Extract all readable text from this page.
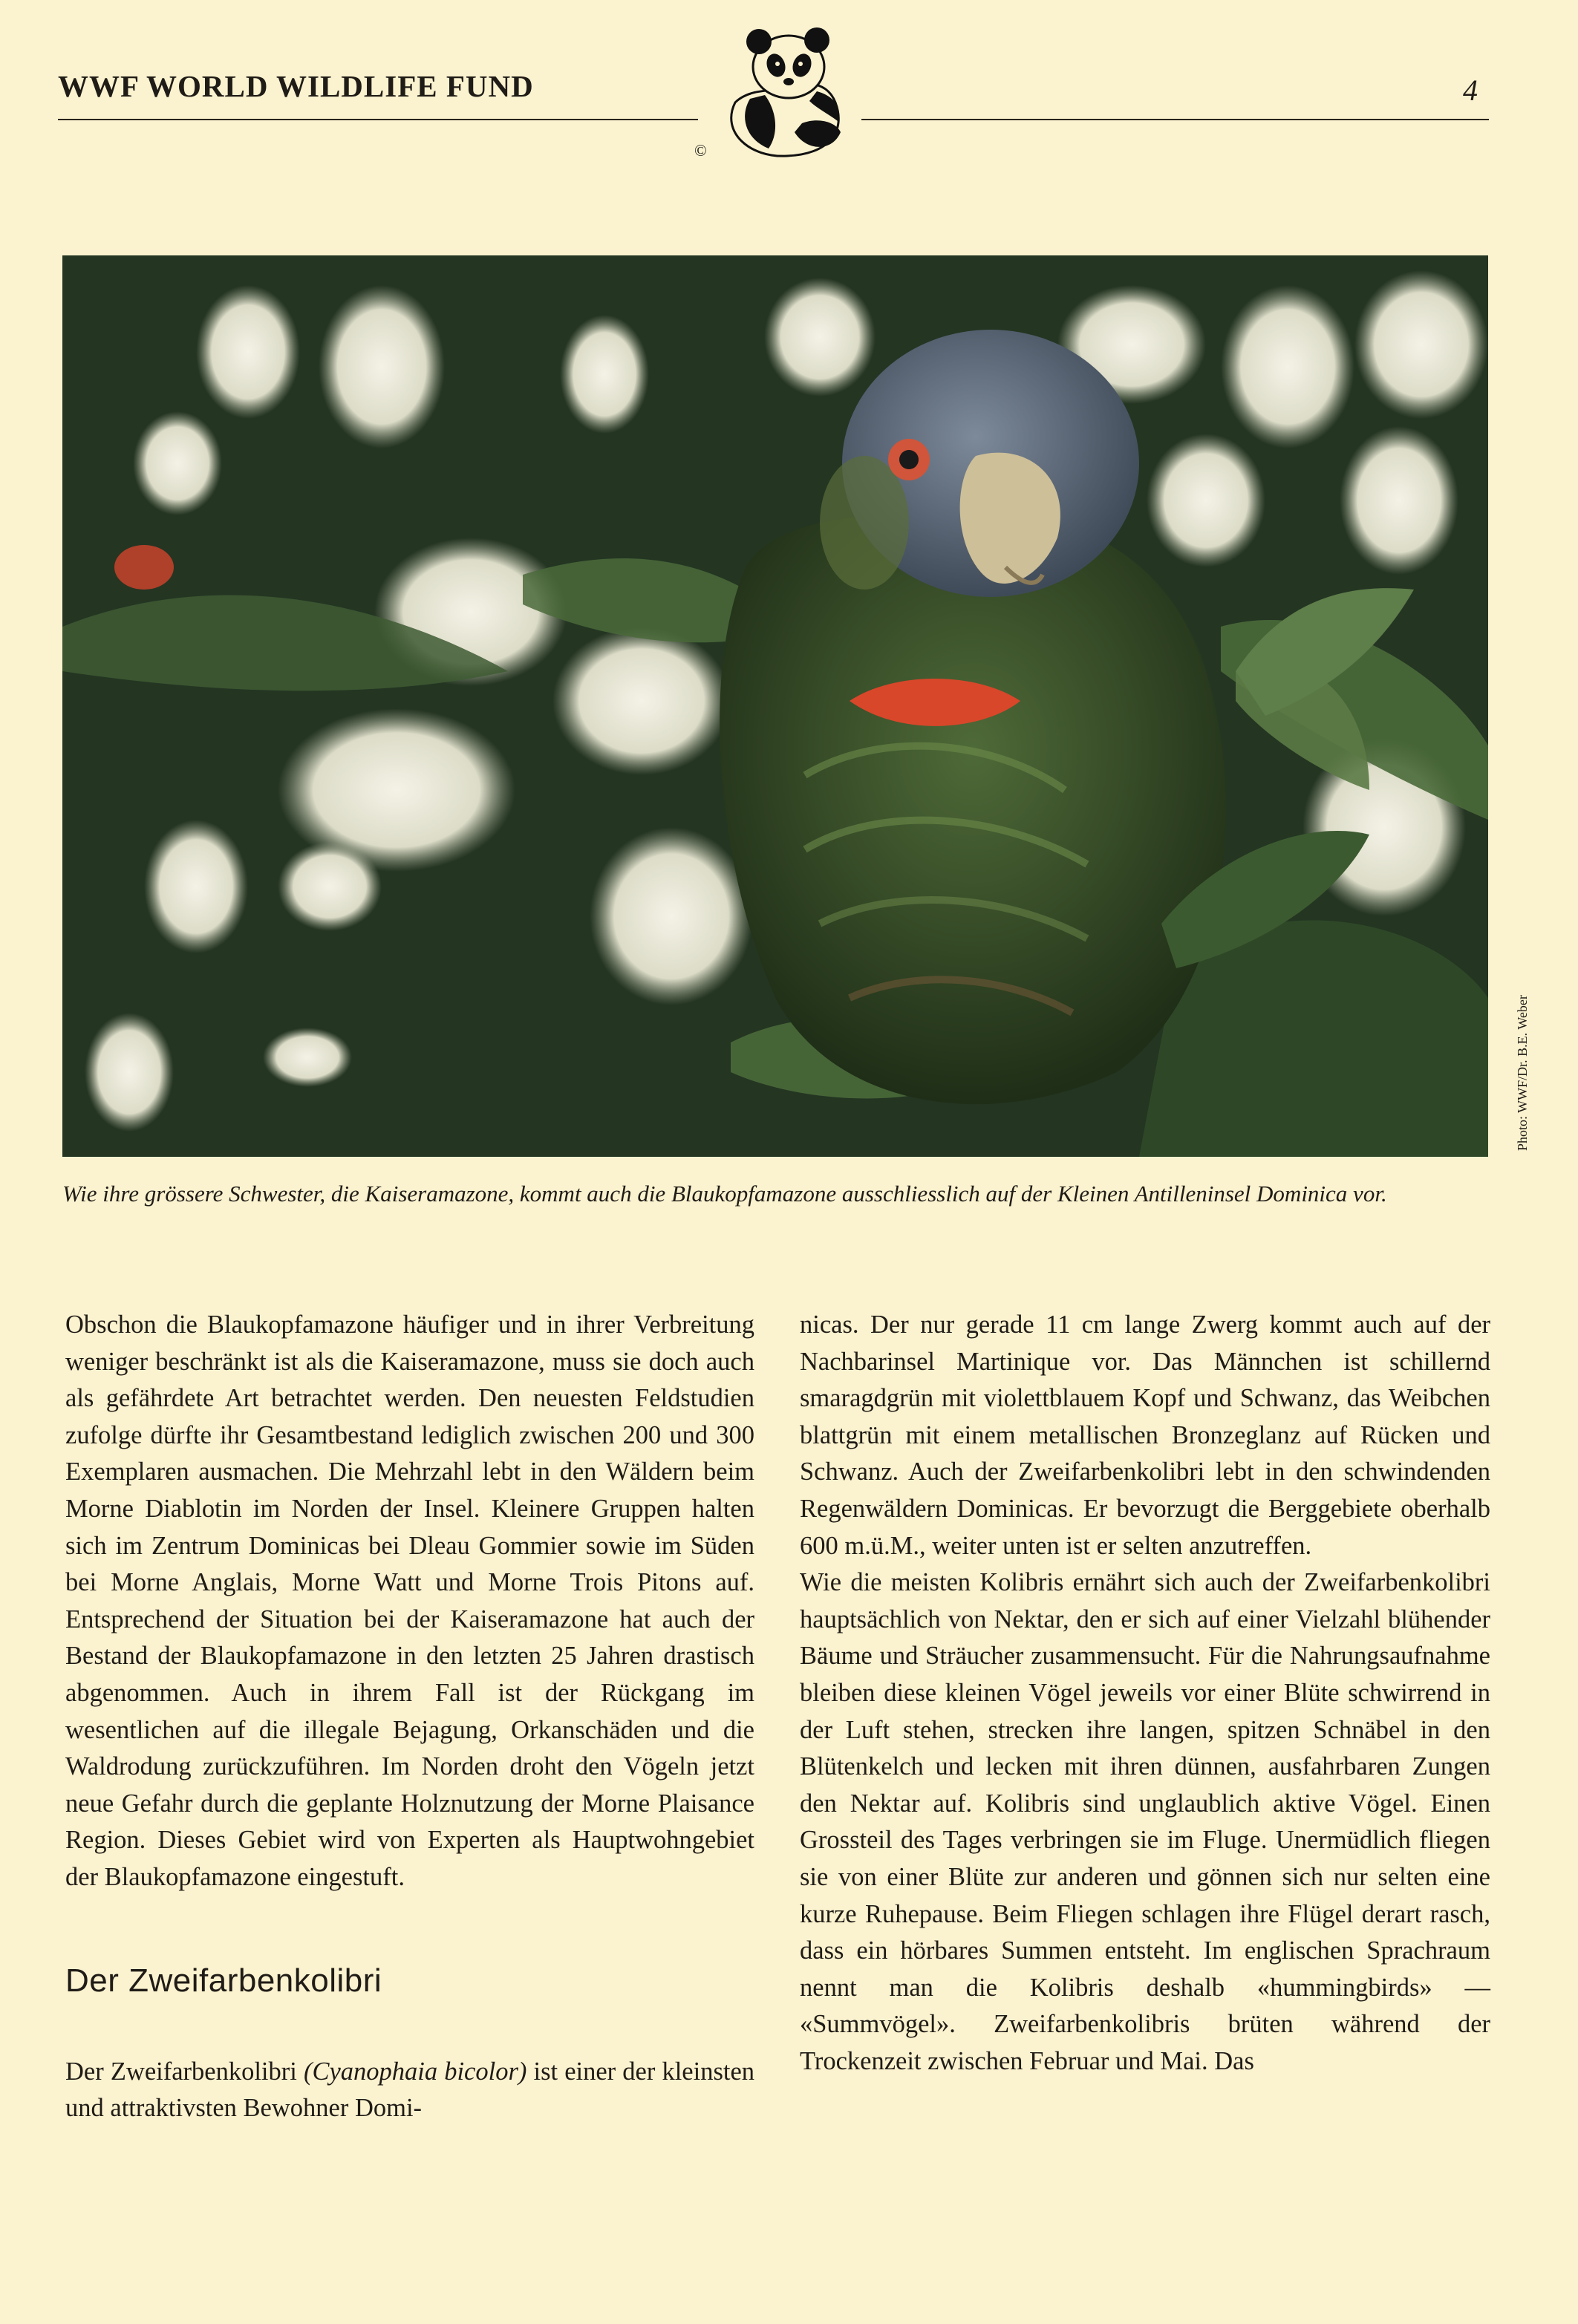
WWF WORLD WILDLIFE FUND
©
4
Photo: WWF/Dr. B.E. Weber
Wie ihre grössere Schwester, die Kaiseramazone, kommt auch die Blaukopfamazone ausschliesslich auf der Kleinen Antilleninsel Dominica vor.

Obschon die Blaukopfamazone häufiger und in ihrer Verbreitung weniger beschränkt ist als die Kaiseramazone, muss sie doch auch als gefährdete Art betrachtet werden. Den neuesten Feldstudien zufolge dürfte ihr Gesamtbestand lediglich zwischen 200 und 300 Exemplaren ausmachen. Die Mehrzahl lebt in den Wäldern beim Morne Diablotin im Norden der Insel. Kleinere Gruppen halten sich im Zentrum Dominicas bei Dleau Gommier sowie im Süden bei Morne Anglais, Morne Watt und Morne Trois Pitons auf. Entsprechend der Situation bei der Kaiseramazone hat auch der Bestand der Blaukopfamazone in den letzten 25 Jahren drastisch abgenommen. Auch in ihrem Fall ist der Rückgang im wesentlichen auf die illegale Bejagung, Orkanschäden und die Waldrodung zurückzuführen. Im Norden droht den Vögeln jetzt neue Gefahr durch die geplante Holznutzung der Morne Plaisance Region. Dieses Gebiet wird von Experten als Hauptwohngebiet der Blaukopfamazone eingestuft.

Der Zweifarbenkolibri

Der Zweifarbenkolibri (Cyanophaia bicolor) ist einer der kleinsten und attraktivsten Bewohner Domi-

nicas. Der nur gerade 11 cm lange Zwerg kommt auch auf der Nachbarinsel Martinique vor. Das Männchen ist schillernd smaragdgrün mit violettblauem Kopf und Schwanz, das Weibchen blattgrün mit einem metallischen Bronzeglanz auf Rücken und Schwanz. Auch der Zweifarbenkolibri lebt in den schwindenden Regenwäldern Dominicas. Er bevorzugt die Berggebiete oberhalb 600 m.ü.M., weiter unten ist er selten anzutreffen.

Wie die meisten Kolibris ernährt sich auch der Zweifarbenkolibri hauptsächlich von Nektar, den er sich auf einer Vielzahl blühender Bäume und Sträucher zusammensucht. Für die Nahrungsaufnahme bleiben diese kleinen Vögel jeweils vor einer Blüte schwirrend in der Luft stehen, strecken ihre langen, spitzen Schnäbel in den Blütenkelch und lecken mit ihren dünnen, ausfahrbaren Zungen den Nektar auf. Kolibris sind unglaublich aktive Vögel. Einen Grossteil des Tages verbringen sie im Fluge. Unermüdlich fliegen sie von einer Blüte zur anderen und gönnen sich nur selten eine kurze Ruhepause. Beim Fliegen schlagen ihre Flügel derart rasch, dass ein hörbares Summen entsteht. Im englischen Sprachraum nennt man die Kolibris deshalb «hummingbirds» — «Summvögel». Zweifarbenkolibris brüten während der Trockenzeit zwischen Februar und Mai. Das
